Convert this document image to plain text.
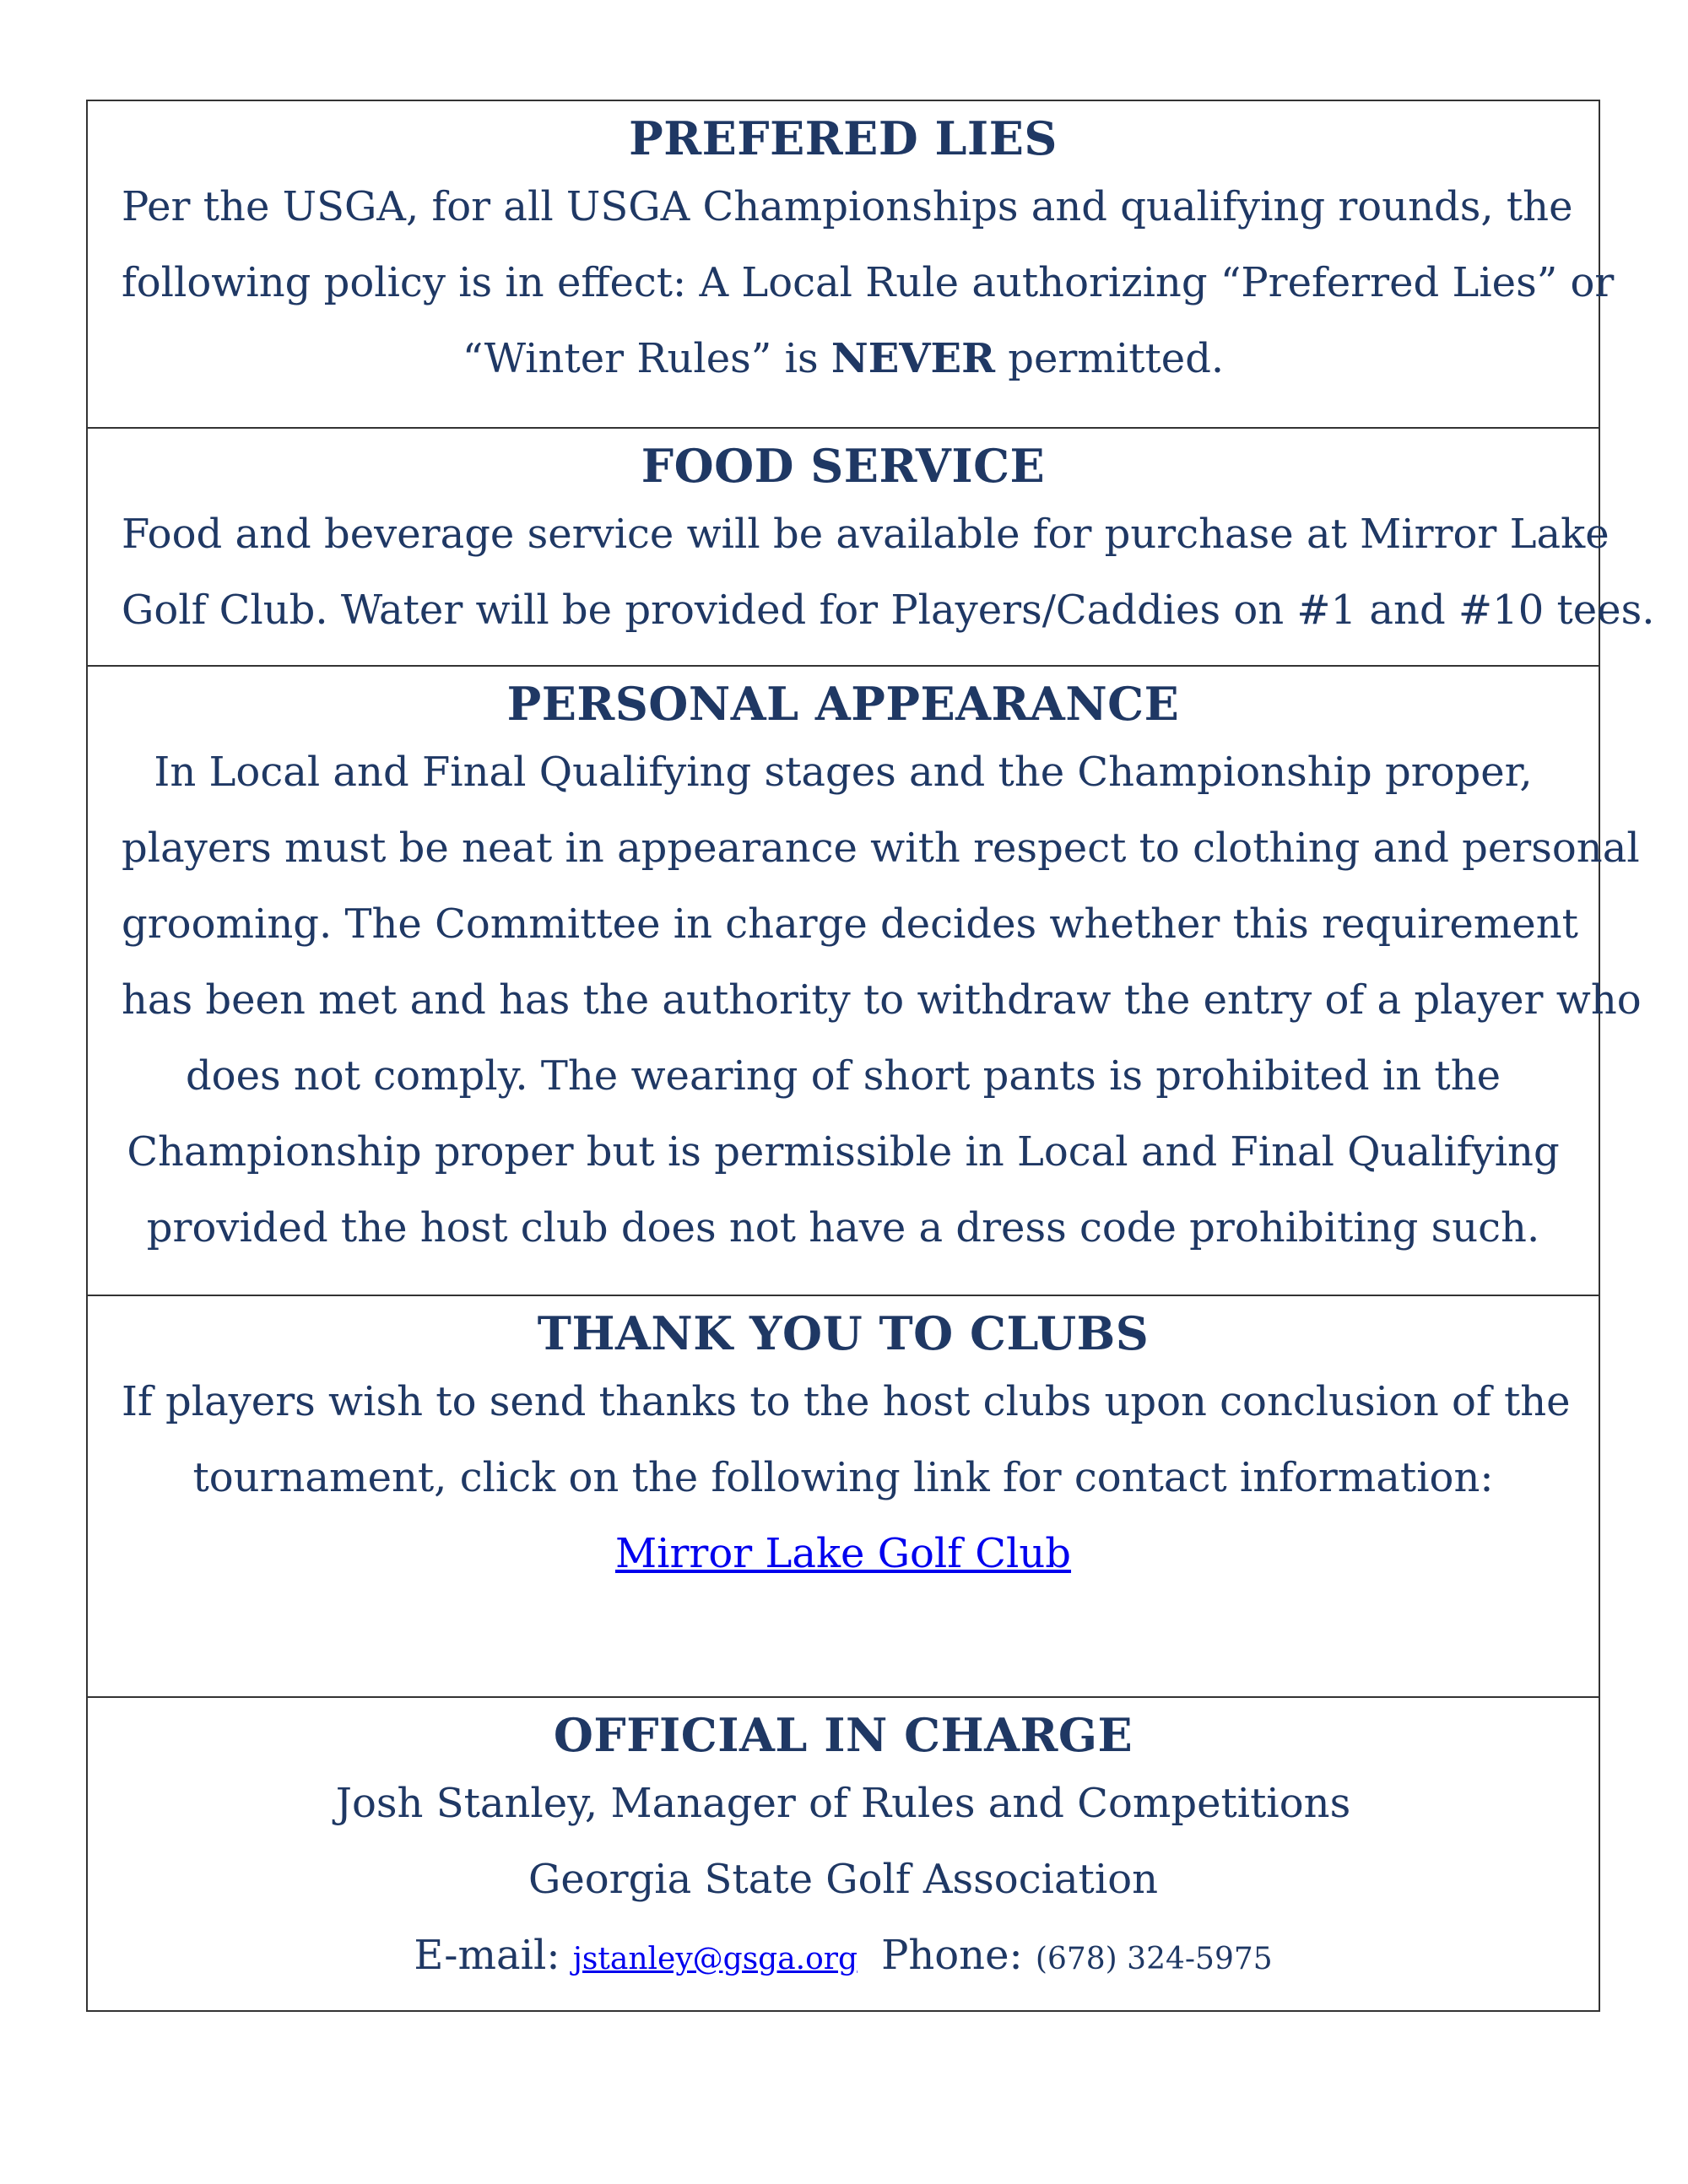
PREFERED LIES

Per the USGA, for all USGA Championships and qualifying rounds, the
following policy is in effect: A Local Rule authorizing “Preferred Lies” or
“Winter Rules” is NEVER permitted.

FOOD SERVICE

Food and beverage service will be available for purchase at Mirror Lake
Golf Club. Water will be provided for Players/Caddies on #1 and #10 tees.

PERSONAL APPEARANCE

In Local and Final Qualifying stages and the Championship proper,
players must be neat in appearance with respect to clothing and personal
grooming. The Committee in charge decides whether this requirement
has been met and has the authority to withdraw the entry of a player who
does not comply. The wearing of short pants is prohibited in the
Championship proper but is permissible in Local and Final Qualifying
provided the host club does not have a dress code prohibiting such.

THANK YOU TO CLUBS

If players wish to send thanks to the host clubs upon conclusion of the
tournament, click on the following link for contact information:
Mirror Lake Golf Club

OFFICIAL IN CHARGE

Josh Stanley, Manager of Rules and Competitions
Georgia State Golf Association
E-mail: jstanley@gsga.org Phone: (678) 324-5975
